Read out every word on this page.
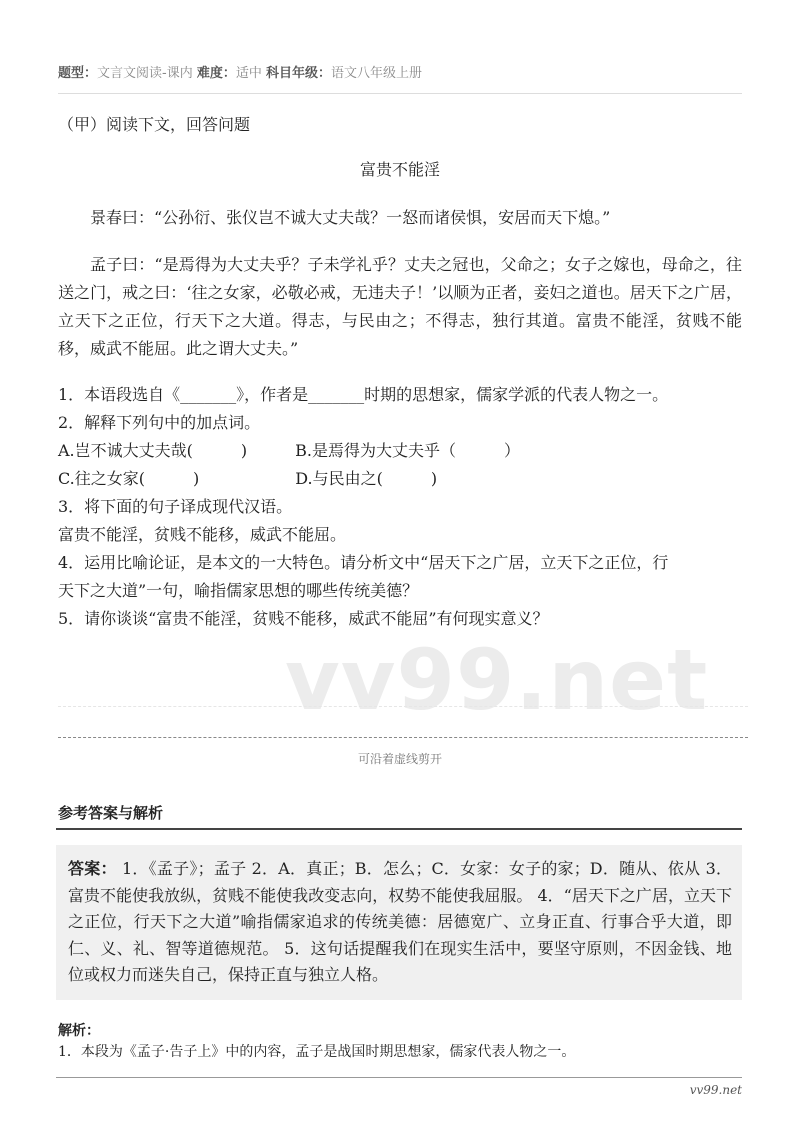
题型：文言文阅读-课内 难度：适中 科目年级：语文八年级上册
（甲）阅读下文，回答问题
富贵不能淫
景春曰：“公孙衍、张仪岂不诚大丈夫哉？一怒而诸侯惧，安居而天下熄。”
孟子曰：“是焉得为大丈夫乎？子未学礼乎？丈夫之冠也，父命之；女子之嫁也，母命之，往送之门，戒之曰：‘往之女家，必敬必戒，无违夫子！’以顺为正者，妾妇之道也。居天下之广居，立天下之正位，行天下之大道。得志，与民由之；不得志，独行其道。富贵不能淫，贫贱不能移，威武不能屈。此之谓大丈夫。”
1．本语段选自《_______》，作者是_______时期的思想家，儒家学派的代表人物之一。
2．解释下列句中的加点词。
A.岂不诚大丈夫哉(　　　)　　　B.是焉得为大丈夫乎（　　　）
C.往之女家(　　　)　　　　　　D.与民由之(　　　)
3．将下面的句子译成现代汉语。
富贵不能淫，贫贱不能移，威武不能屈。
4．运用比喻论证，是本文的一大特色。请分析文中“居天下之广居，立天下之正位，行
天下之大道”一句，喻指儒家思想的哪些传统美德？
5．请你谈谈“富贵不能淫，贫贱不能移，威武不能屈”有何现实意义？
vv99.net
可沿着虚线剪开
参考答案与解析
答案： 1．《孟子》；孟子 2．A．真正；B．怎么；C．女家：女子的家；D．随从、依从 3．富贵不能使我放纵，贫贱不能使我改变志向，权势不能使我屈服。 4．“居天下之广居，立天下之正位，行天下之大道”喻指儒家追求的传统美德：居德宽广、立身正直、行事合乎大道，即仁、义、礼、智等道德规范。 5．这句话提醒我们在现实生活中，要坚守原则，不因金钱、地位或权力而迷失自己，保持正直与独立人格。
解析：
1．本段为《孟子·告子上》中的内容，孟子是战国时期思想家，儒家代表人物之一。
vv99.net
